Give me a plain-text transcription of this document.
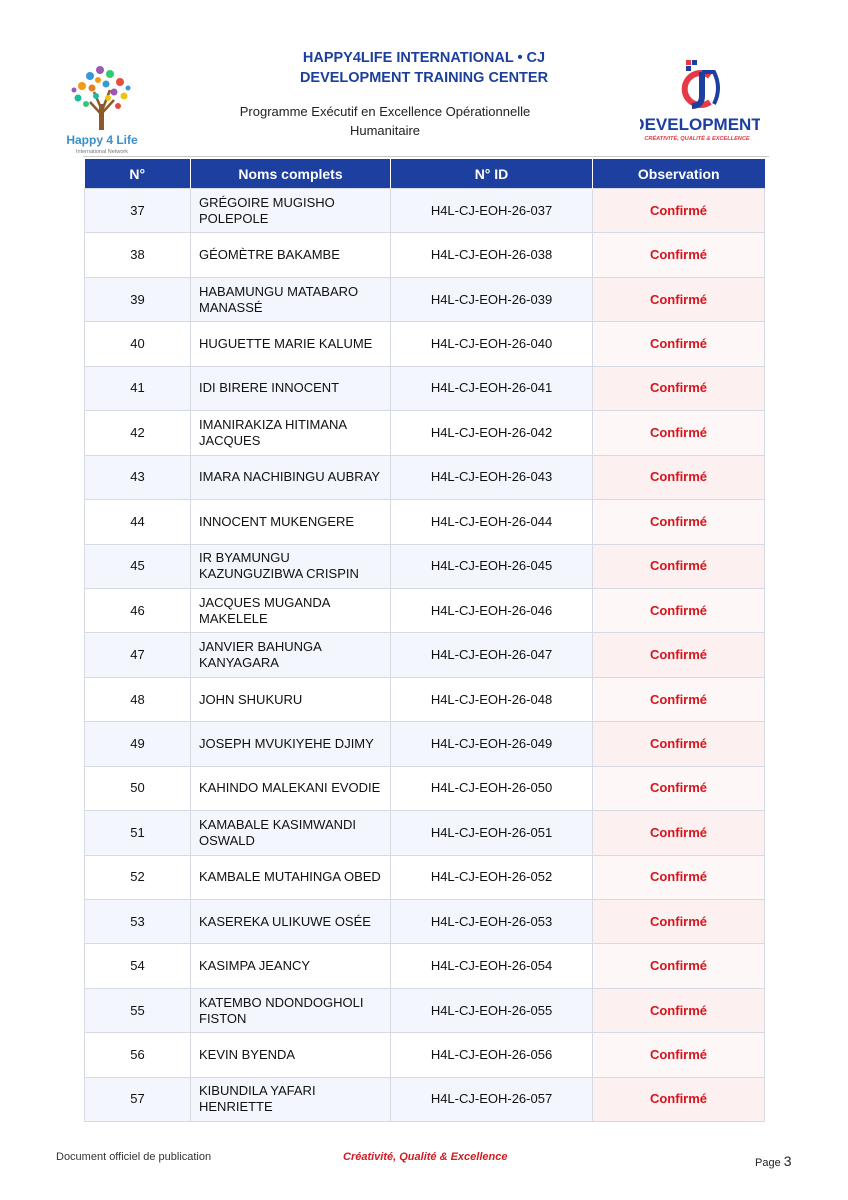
Happy 4 Life
International Network
HAPPY4LIFE INTERNATIONAL • CJ
DEVELOPMENT TRAINING CENTER
Programme Exécutif en Excellence Opérationnelle
Humanitaire	DEVELOPMENT
CRÉATIVITÉ, QUALITÉ & EXCELLENCE
N°	Noms complets	N° ID	Observation
37	GRÉGOIRE MUGISHO POLEPOLE	H4L-CJ-EOH-26-037	Confirmé
38	GÉOMÈTRE BAKAMBE	H4L-CJ-EOH-26-038	Confirmé
39	HABAMUNGU MATABARO MANASSÉ	H4L-CJ-EOH-26-039	Confirmé
40	HUGUETTE MARIE KALUME	H4L-CJ-EOH-26-040	Confirmé
41	IDI BIRERE INNOCENT	H4L-CJ-EOH-26-041	Confirmé
42	IMANIRAKIZA HITIMANA JACQUES	H4L-CJ-EOH-26-042	Confirmé
43	IMARA NACHIBINGU AUBRAY	H4L-CJ-EOH-26-043	Confirmé
44	INNOCENT MUKENGERE	H4L-CJ-EOH-26-044	Confirmé
45	IR BYAMUNGU KAZUNGUZIBWA CRISPIN	H4L-CJ-EOH-26-045	Confirmé
46	JACQUES MUGANDA MAKELELE	H4L-CJ-EOH-26-046	Confirmé
47	JANVIER BAHUNGA KANYAGARA	H4L-CJ-EOH-26-047	Confirmé
48	JOHN SHUKURU	H4L-CJ-EOH-26-048	Confirmé
49	JOSEPH MVUKIYEHE DJIMY	H4L-CJ-EOH-26-049	Confirmé
50	KAHINDO MALEKANI EVODIE	H4L-CJ-EOH-26-050	Confirmé
51	KAMABALE KASIMWANDI OSWALD	H4L-CJ-EOH-26-051	Confirmé
52	KAMBALE MUTAHINGA OBED	H4L-CJ-EOH-26-052	Confirmé
53	KASEREKA ULIKUWE OSÉE	H4L-CJ-EOH-26-053	Confirmé
54	KASIMPA JEANCY	H4L-CJ-EOH-26-054	Confirmé
55	KATEMBO NDONDOGHOLI FISTON	H4L-CJ-EOH-26-055	Confirmé
56	KEVIN BYENDA	H4L-CJ-EOH-26-056	Confirmé
57	KIBUNDILA YAFARI HENRIETTE	H4L-CJ-EOH-26-057	Confirmé
Document officiel de publication	Créativité, Qualité & Excellence	Page 3
